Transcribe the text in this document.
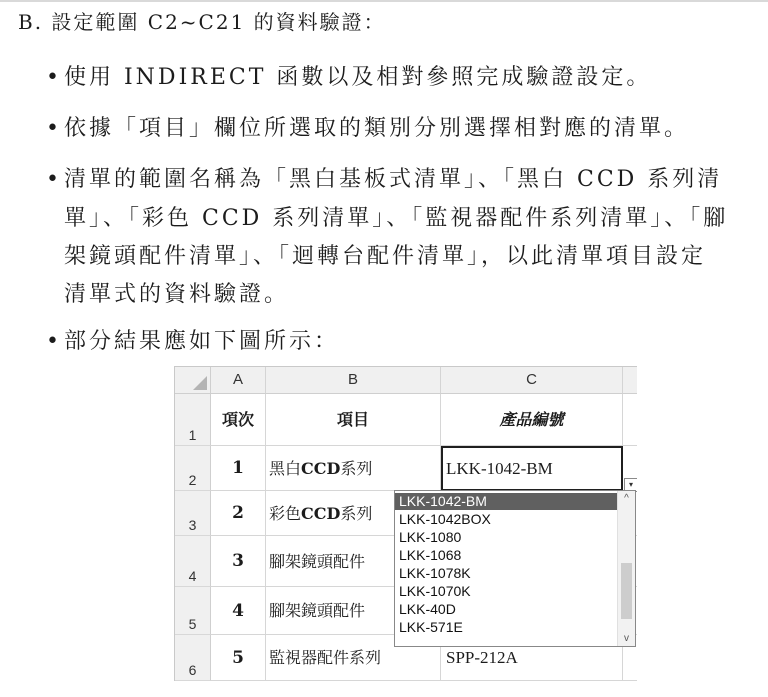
B. 設定範圍 C2~C21 的資料驗證：
•使用 INDIRECT 函數以及相對參照完成驗證設定。
•依據「項目」欄位所選取的類別分別選擇相對應的清單。
•清單的範圍名稱為「黑白基板式清單」、「黑白 CCD 系列清
單」、「彩色 CCD 系列清單」、「監視器配件系列清單」、「腳
架鏡頭配件清單」、「迴轉台配件清單」，以此清單項目設定
清單式的資料驗證。
•部分結果應如下圖所示：
A	B	C
1
項次	項目	產品編號
2
1	黑白CCD系列	LKK-1042-BM
3
2	彩色CCD系列
4
3	腳架鏡頭配件
5
4	腳架鏡頭配件
6
5	監視器配件系列	SPP-212A
▾
LKK-1042-BM
LKK-1042BOX
LKK-1080
LKK-1068
LKK-1078K
LKK-1070K
LKK-40D
LKK-571E
^
v
